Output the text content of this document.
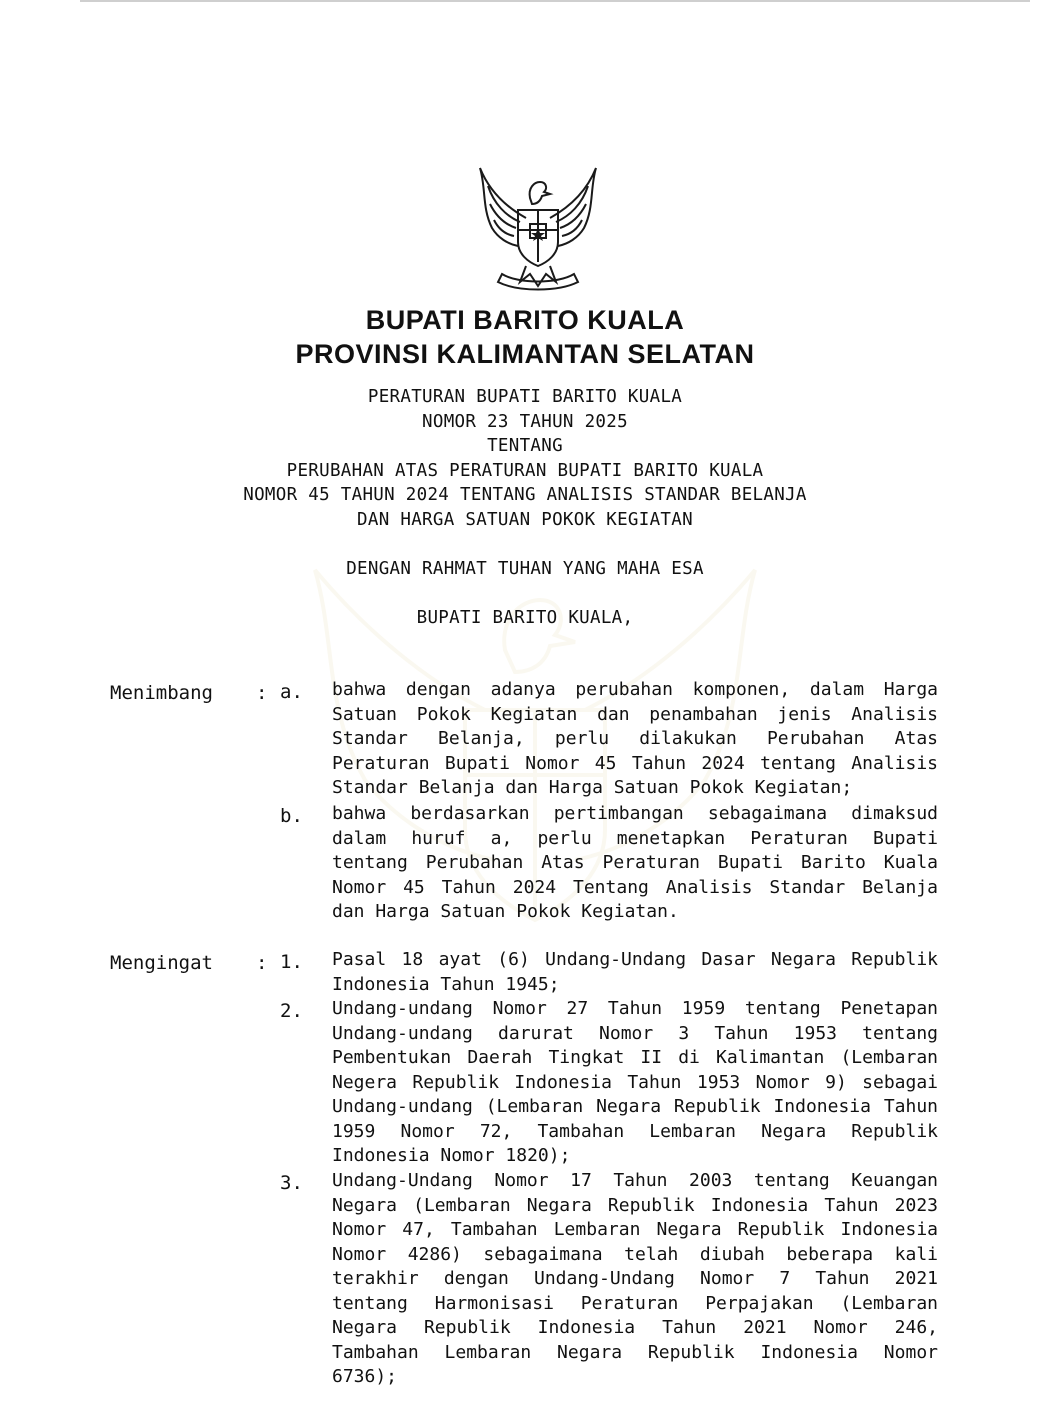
BUPATI BARITO KUALA
PROVINSI KALIMANTAN SELATAN
PERATURAN BUPATI BARITO KUALA
NOMOR 23 TAHUN 2025
TENTANG
PERUBAHAN ATAS PERATURAN BUPATI BARITO KUALA
NOMOR 45 TAHUN 2024 TENTANG ANALISIS STANDAR BELANJA
DAN HARGA SATUAN POKOK KEGIATAN
DENGAN RAHMAT TUHAN YANG MAHA ESA
BUPATI BARITO KUALA,
Menimbang : a. bahwa dengan adanya perubahan komponen, dalam Harga Satuan Pokok Kegiatan dan penambahan jenis Analisis Standar Belanja, perlu dilakukan Perubahan Atas Peraturan Bupati Nomor 45 Tahun 2024 tentang Analisis Standar Belanja dan Harga Satuan Pokok Kegiatan;
b. bahwa berdasarkan pertimbangan sebagaimana dimaksud dalam huruf a, perlu menetapkan Peraturan Bupati tentang Perubahan Atas Peraturan Bupati Barito Kuala Nomor 45 Tahun 2024 Tentang Analisis Standar Belanja dan Harga Satuan Pokok Kegiatan.
Mengingat : 1. Pasal 18 ayat (6) Undang-Undang Dasar Negara Republik Indonesia Tahun 1945;
2. Undang-undang Nomor 27 Tahun 1959 tentang Penetapan Undang-undang darurat Nomor 3 Tahun 1953 tentang Pembentukan Daerah Tingkat II di Kalimantan (Lembaran Negera Republik Indonesia Tahun 1953 Nomor 9) sebagai Undang-undang (Lembaran Negara Republik Indonesia Tahun 1959 Nomor 72, Tambahan Lembaran Negara Republik Indonesia Nomor 1820);
3. Undang-Undang Nomor 17 Tahun 2003 tentang Keuangan Negara (Lembaran Negara Republik Indonesia Tahun 2023 Nomor 47, Tambahan Lembaran Negara Republik Indonesia Nomor 4286) sebagaimana telah diubah beberapa kali terakhir dengan Undang-Undang Nomor 7 Tahun 2021 tentang Harmonisasi Peraturan Perpajakan (Lembaran Negara Republik Indonesia Tahun 2021 Nomor 246, Tambahan Lembaran Negara Republik Indonesia Nomor 6736);
